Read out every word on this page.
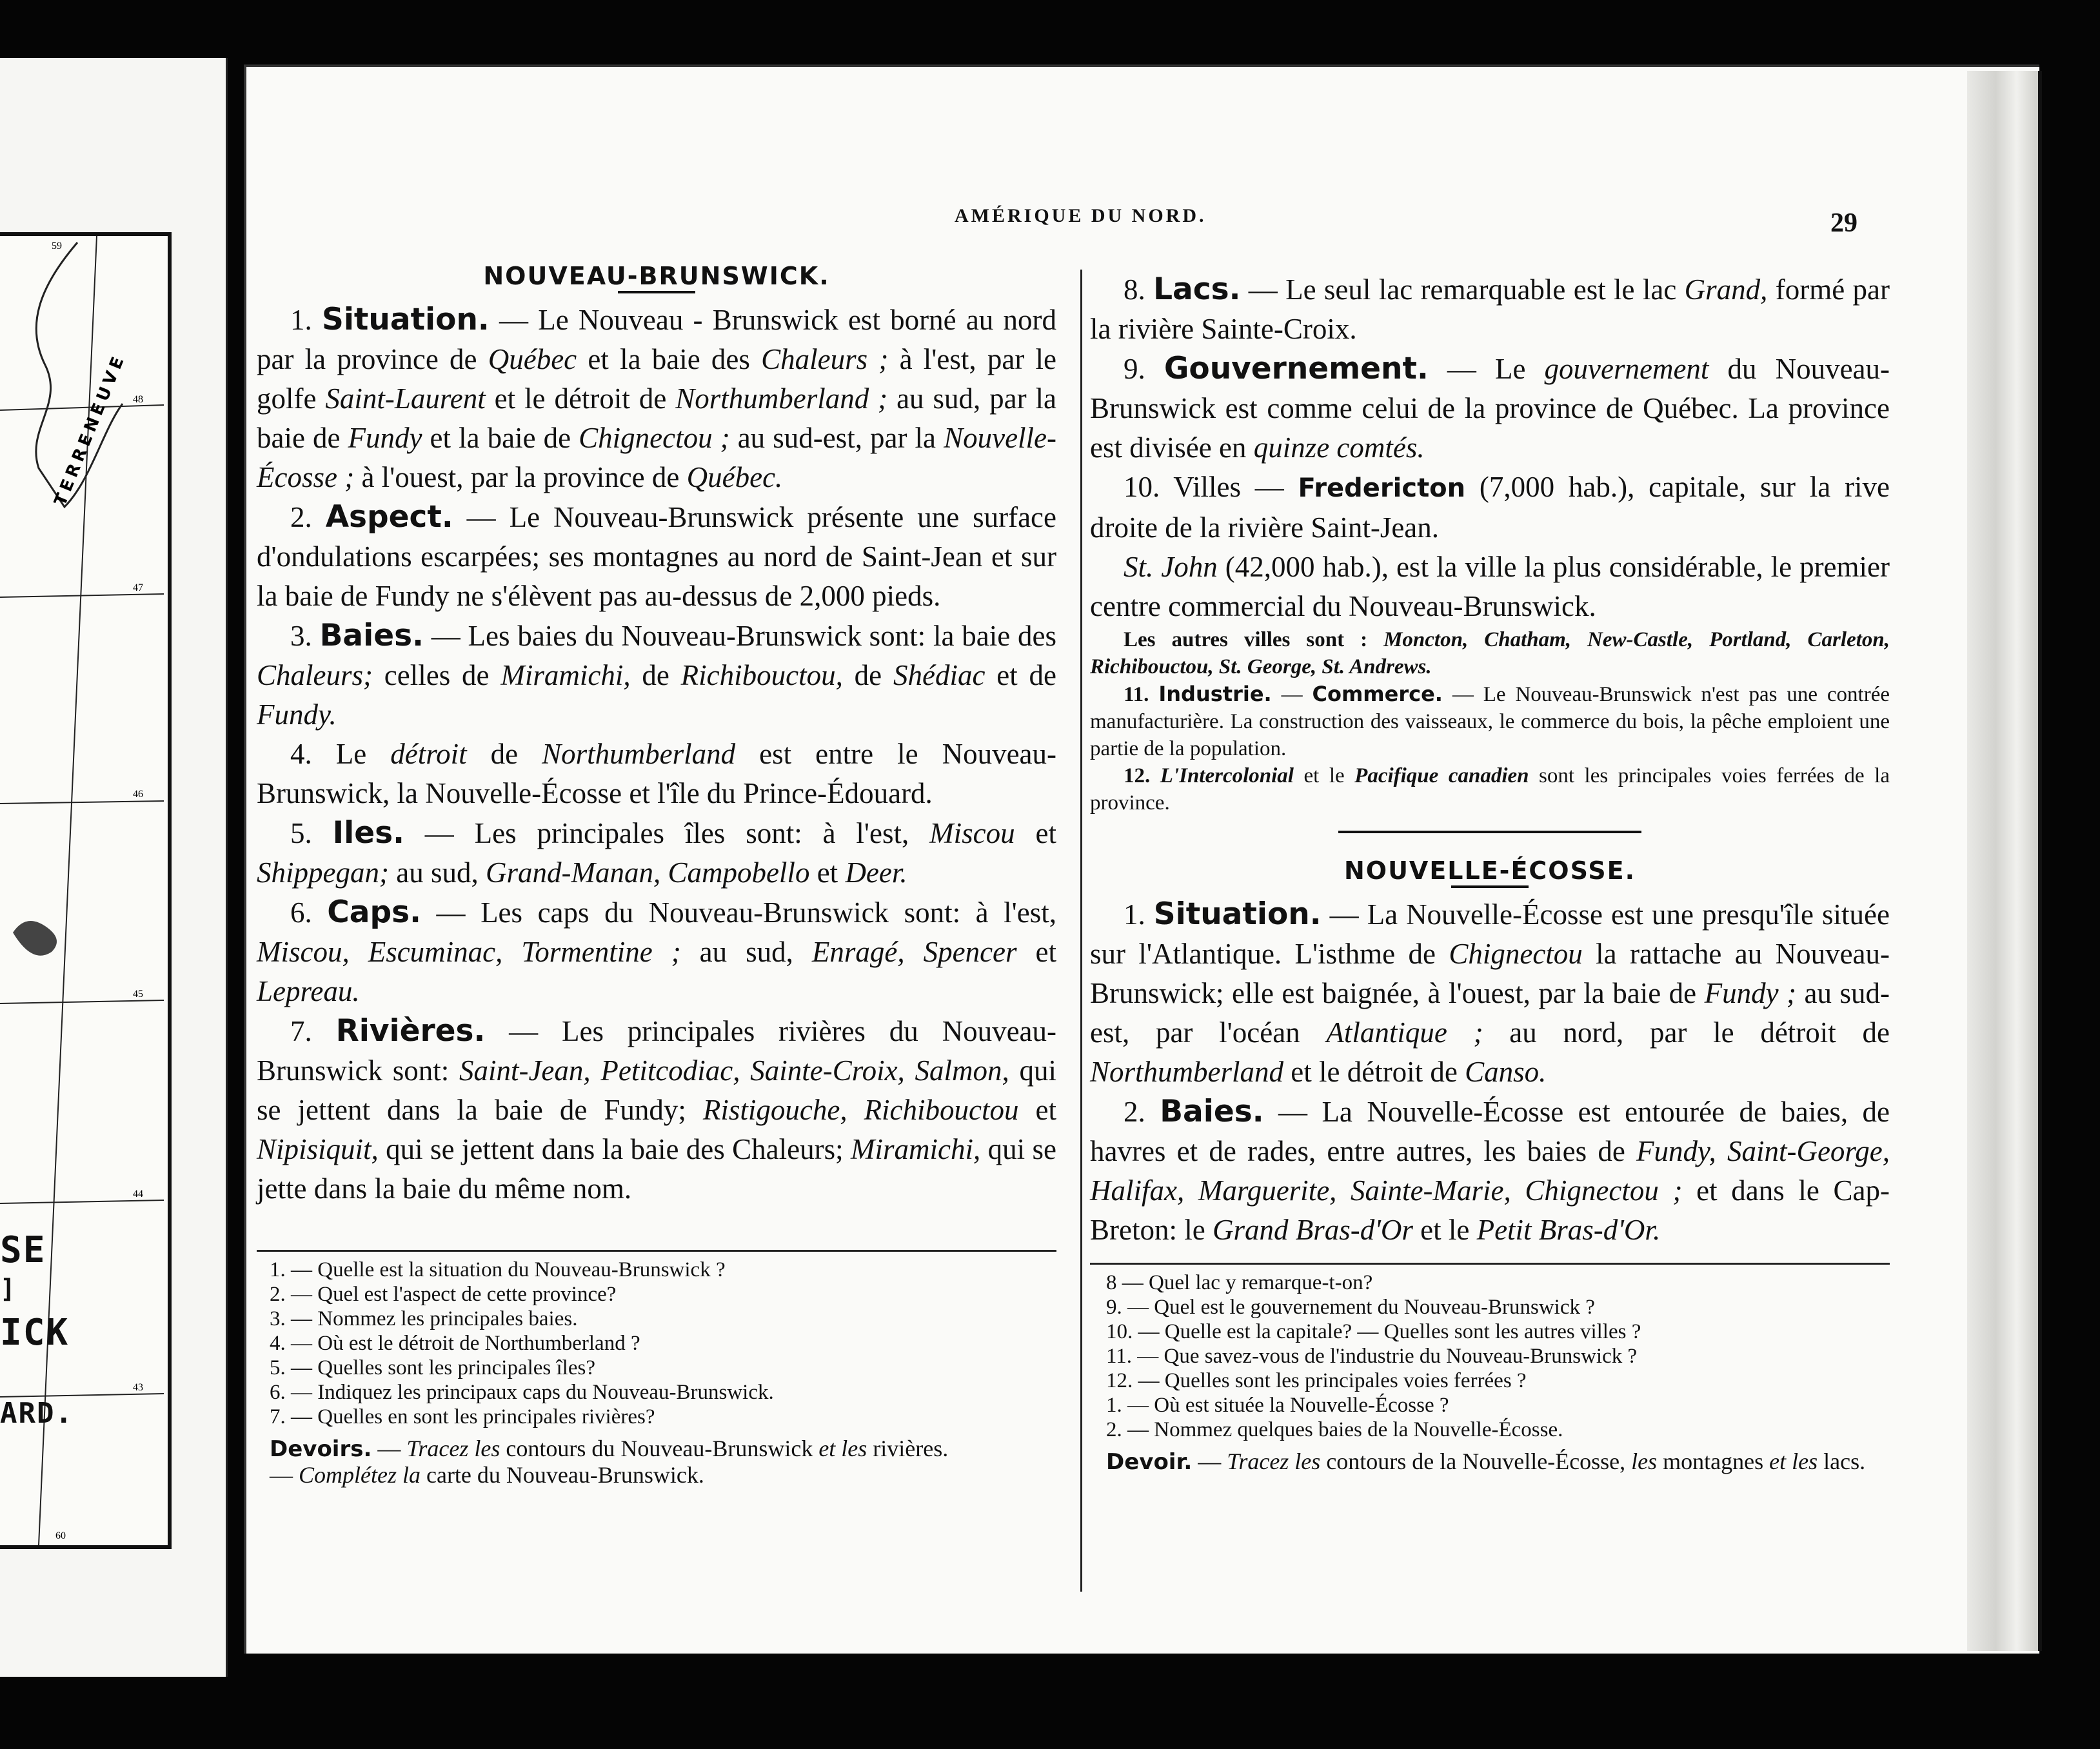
TERRENEUVE 48
47
46
45
44
43
59
60
SE
]
ICK
ARD.
AMÉRIQUE DU NORD.	29

NOUVEAU-BRUNSWICK.

1. Situation. — Le Nouveau - Brunswick est borné au nord par la province de Québec et la baie des Chaleurs ; à l'est, par le golfe Saint-Laurent et le détroit de Northumberland ; au sud, par la baie de Fundy et la baie de Chignectou ; au sud-est, par la Nouvelle-Écosse ; à l'ouest, par la province de Québec.

2. Aspect. — Le Nouveau-Brunswick présente une surface d'ondulations escarpées; ses montagnes au nord de Saint-Jean et sur la baie de Fundy ne s'élèvent pas au-dessus de 2,000 pieds.

3. Baies. — Les baies du Nouveau-Brunswick sont: la baie des Chaleurs; celles de Miramichi, de Richibouctou, de Shédiac et de Fundy.

4. Le détroit de Northumberland est entre le Nouveau-Brunswick, la Nouvelle-Écosse et l'île du Prince-Édouard.

5. Iles. — Les principales îles sont: à l'est, Miscou et Shippegan; au sud, Grand-Manan, Campobello et Deer.

6. Caps. — Les caps du Nouveau-Brunswick sont: à l'est, Miscou, Escuminac, Tormentine ; au sud, Enragé, Spencer et Lepreau.

7. Rivières. — Les principales rivières du Nouveau-Brunswick sont: Saint-Jean, Petitcodiac, Sainte-Croix, Salmon, qui se jettent dans la baie de Fundy; Ristigouche, Richibouctou et Nipisiquit, qui se jettent dans la baie des Chaleurs; Miramichi, qui se jette dans la baie du même nom.

8. Lacs. — Le seul lac remarquable est le lac Grand, formé par la rivière Sainte-Croix.

9. Gouvernement. — Le gouvernement du Nouveau-Brunswick est comme celui de la province de Québec. La province est divisée en quinze comtés.

10. Villes — Fredericton (7,000 hab.), capitale, sur la rive droite de la rivière Saint-Jean.

St. John (42,000 hab.), est la ville la plus considérable, le premier centre commercial du Nouveau-Brunswick.

Les autres villes sont : Moncton, Chatham, New-Castle, Portland, Carleton, Richibouctou, St. George, St. Andrews.

11. Industrie. — Commerce. — Le Nouveau-Brunswick n'est pas une contrée manufacturière. La construction des vaisseaux, le commerce du bois, la pêche emploient une partie de la population.

12. L'Intercolonial et le Pacifique canadien sont les principales voies ferrées de la province.

NOUVELLE-ÉCOSSE.

1. Situation. — La Nouvelle-Écosse est une presqu'île située sur l'Atlantique. L'isthme de Chignectou la rattache au Nouveau-Brunswick; elle est baignée, à l'ouest, par la baie de Fundy ; au sud-est, par l'océan Atlantique ; au nord, par le détroit de Northumberland et le détroit de Canso.

2. Baies. — La Nouvelle-Écosse est entourée de baies, de havres et de rades, entre autres, les baies de Fundy, Saint-George, Halifax, Marguerite, Sainte-Marie, Chignectou ; et dans le Cap-Breton: le Grand Bras-d'Or et le Petit Bras-d'Or.

1. — Quelle est la situation du Nouveau-Brunswick ?
2. — Quel est l'aspect de cette province?
3. — Nommez les principales baies.
4. — Où est le détroit de Northumberland ?
5. — Quelles sont les principales îles?
6. — Indiquez les principaux caps du Nouveau-Brunswick.
7. — Quelles en sont les principales rivières?
Devoirs. — Tracez les contours du Nouveau-Brunswick et les rivières.
— Complétez la carte du Nouveau-Brunswick.
8 — Quel lac y remarque-t-on?
9. — Quel est le gouvernement du Nouveau-Brunswick ?
10. — Quelle est la capitale? — Quelles sont les autres villes ?
11. — Que savez-vous de l'industrie du Nouveau-Brunswick ?
12. — Quelles sont les principales voies ferrées ?
1. — Où est située la Nouvelle-Écosse ?
2. — Nommez quelques baies de la Nouvelle-Écosse.
Devoir. — Tracez les contours de la Nouvelle-Écosse, les montagnes et les lacs.
